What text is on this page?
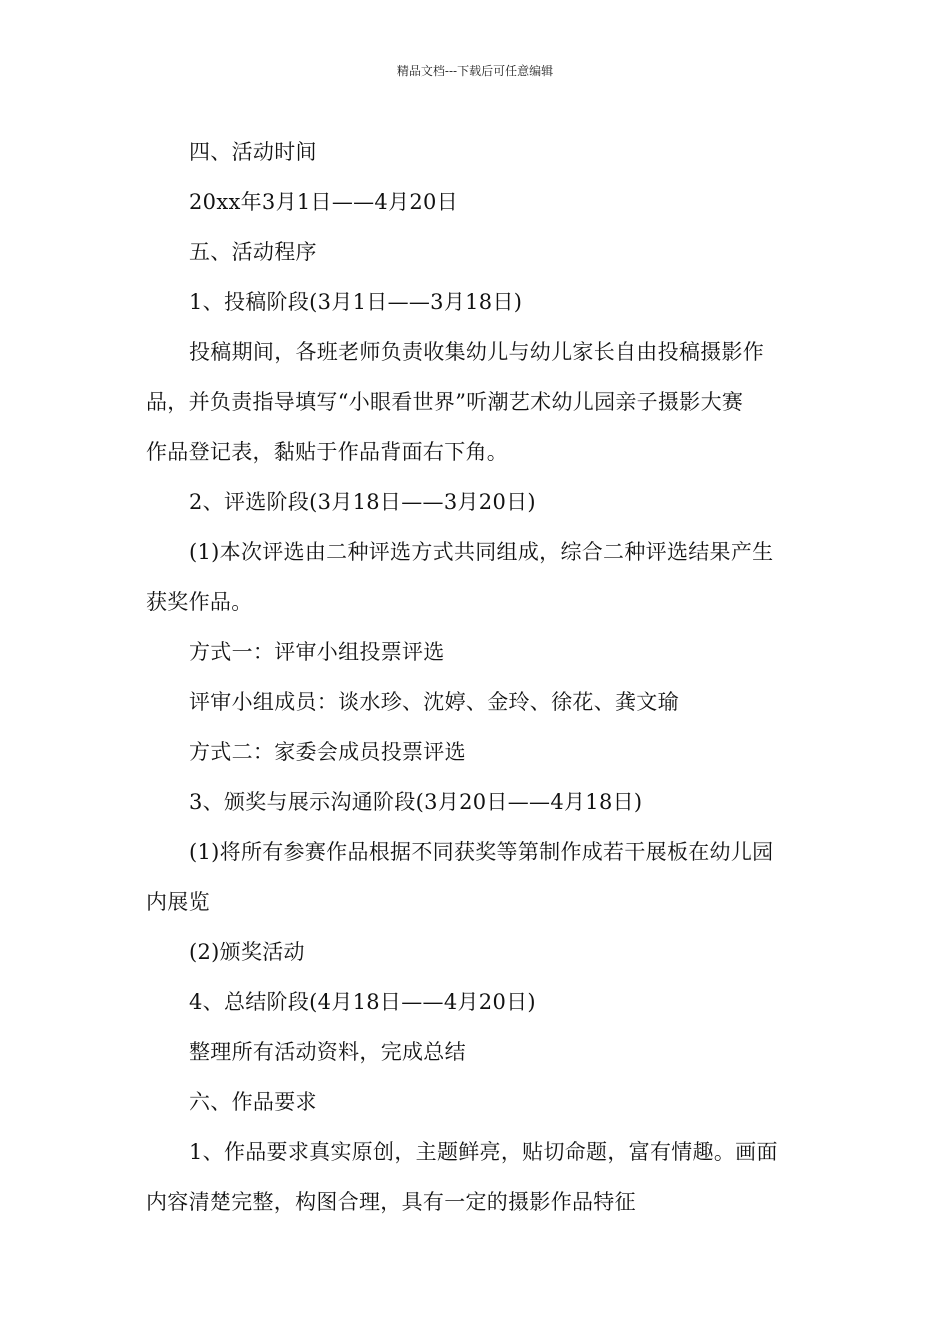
精品文档---下载后可任意编辑

四、活动时间

20xx年3月1日——4月20日

五、活动程序

1、投稿阶段(3月1日——3月18日)

投稿期间，各班老师负责收集幼儿与幼儿家长自由投稿摄影作

品，并负责指导填写“小眼看世界”听潮艺术幼儿园亲子摄影大赛

作品登记表，黏贴于作品背面右下角。

2、评选阶段(3月18日——3月20日)

(1)本次评选由二种评选方式共同组成，综合二种评选结果产生

获奖作品。

方式一：评审小组投票评选

评审小组成员：谈水珍、沈婷、金玲、徐花、龚文瑜

方式二：家委会成员投票评选

3、颁奖与展示沟通阶段(3月20日——4月18日)

(1)将所有参赛作品根据不同获奖等第制作成若干展板在幼儿园

内展览

(2)颁奖活动

4、总结阶段(4月18日——4月20日)

整理所有活动资料，完成总结

六、作品要求

1、作品要求真实原创，主题鲜亮，贴切命题，富有情趣。画面

内容清楚完整，构图合理，具有一定的摄影作品特征
